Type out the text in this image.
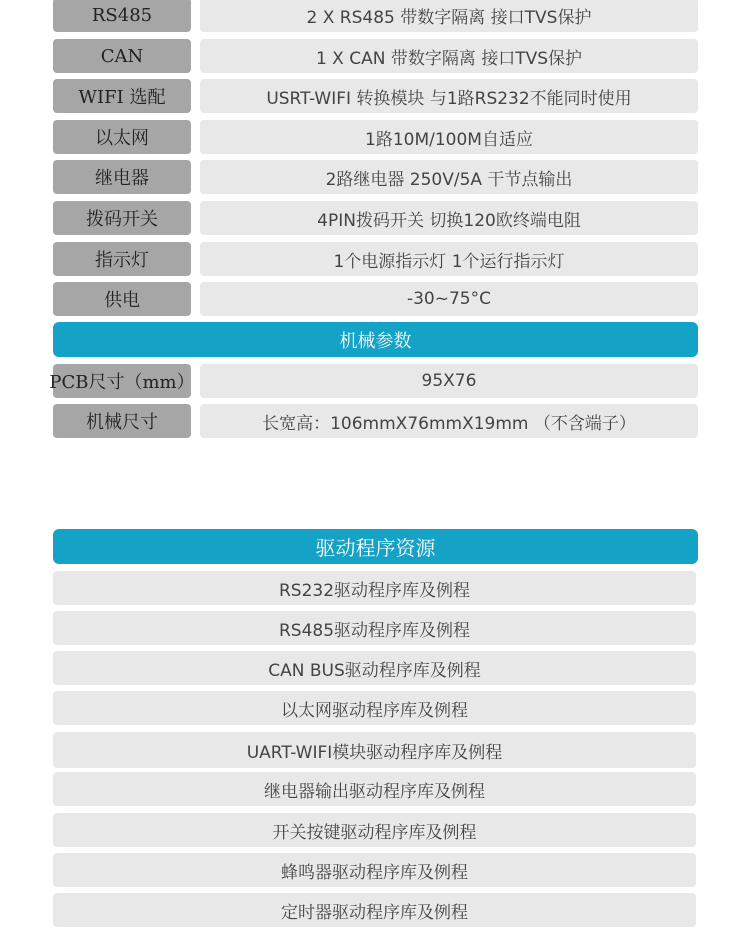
RS485	2 X RS485 带数字隔离 接口TVS保护
CAN	1 X CAN 带数字隔离 接口TVS保护
WIFI 选配	USRT-WIFI 转换模块 与1路RS232不能同时使用
以太网	1路10M/100M自适应
继电器	2路继电器 250V/5A 干节点输出
拨码开关	4PIN拨码开关 切换120欧终端电阻
指示灯	1个电源指示灯 1个运行指示灯
供电	-30~75°C
机械参数
PCB尺寸（mm）	95X76
机械尺寸	长宽高：106mmX76mmX19mm （不含端子）
驱动程序资源
RS232驱动程序库及例程
RS485驱动程序库及例程
CAN BUS驱动程序库及例程
以太网驱动程序库及例程
UART-WIFI模块驱动程序库及例程
继电器输出驱动程序库及例程
开关按键驱动程序库及例程
蜂鸣器驱动程序库及例程
定时器驱动程序库及例程
